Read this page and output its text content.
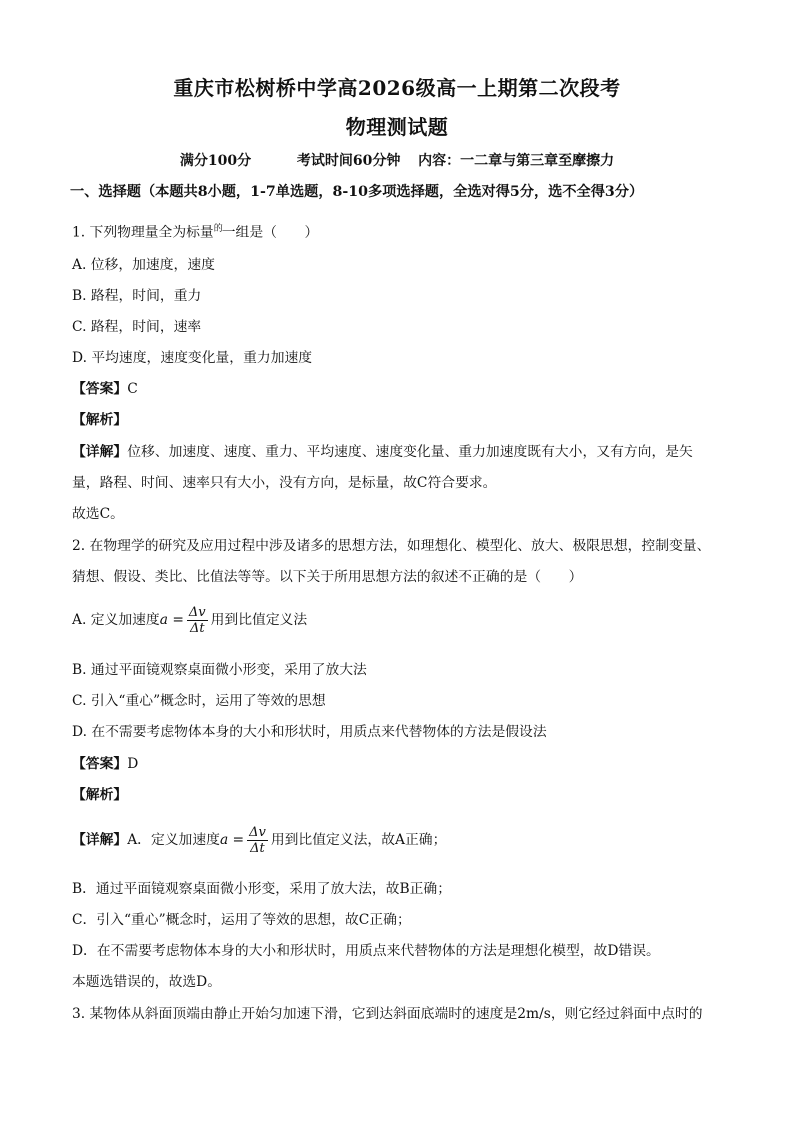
重庆市松树桥中学高2026级高一上期第二次段考
物理测试题
满分100分	考试时间60分钟 内容：一二章与第三章至摩擦力
一、选择题（本题共8小题，1-7单选题，8-10多项选择题，全选对得5分，选不全得3分）
1. 下列物理量全为标量$^的$一组是（　　）
A. 位移，加速度，速度
B. 路程，时间，重力
C. 路程，时间，速率
D. 平均速度，速度变化量，重力加速度
【答案】C
【解析】
【详解】位移、加速度、速度、重力、平均速度、速度变化量、重力加速度既有大小，又有方向，是矢
量，路程、时间、速率只有大小，没有方向，是标量，故C符合要求。
故选C。
2. 在物理学的研究及应用过程中涉及诸多的思想方法，如理想化、模型化、放大、极限思想，控制变量、
猜想、假设、类比、比值法等等。以下关于所用思想方法的叙述不正确的是（　　）
A. 定义加速度$a = \frac{\Delta v}{\Delta t}$ 用到比值定义法
B. 通过平面镜观察桌面微小形变，采用了放大法
C. 引入“重心”概念时，运用了等效的思想
D. 在不需要考虑物体本身的大小和形状时，用质点来代替物体的方法是假设法
【答案】D
【解析】
【详解】A．定义加速度$a = \frac{\Delta v}{\Delta t}$ 用到比值定义法，故A正确；
B．通过平面镜观察桌面微小形变，采用了放大法，故B正确；
C．引入“重心”概念时，运用了等效的思想，故C正确；
D．在不需要考虑物体本身的大小和形状时，用质点来代替物体的方法是理想化模型，故D错误。
本题选错误的，故选D。
3. 某物体从斜面顶端由静止开始匀加速下滑，它到达斜面底端时的速度是2m/s，则它经过斜面中点时的
